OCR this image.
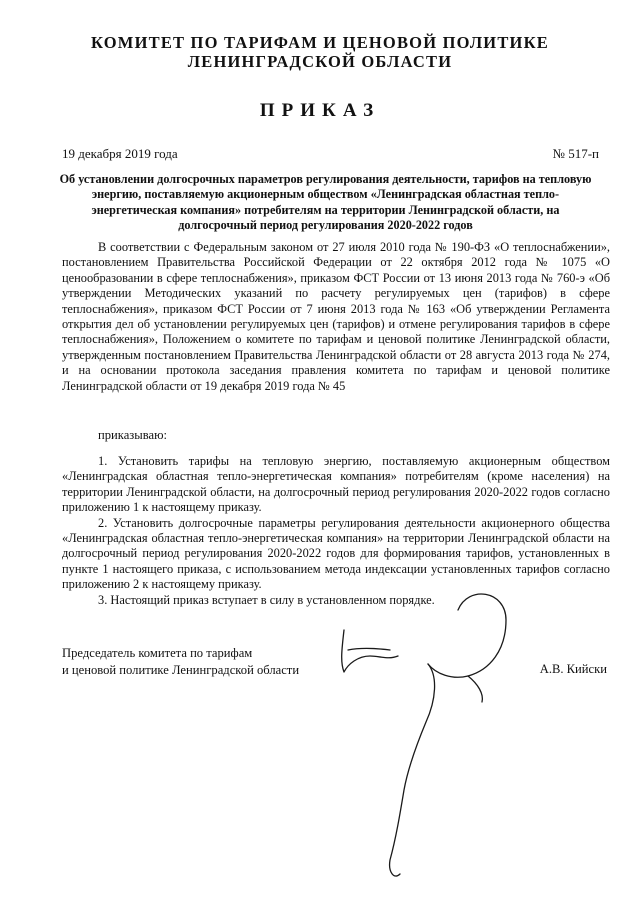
КОМИТЕТ ПО ТАРИФАМ И ЦЕНОВОЙ ПОЛИТИКЕ
ЛЕНИНГРАДСКОЙ ОБЛАСТИ
ПРИКАЗ
19 декабря 2019 года	№ 517-п
Об установлении долгосрочных параметров регулирования деятельности, тарифов на тепловую энергию, поставляемую акционерным обществом «Ленинградская областная тепло-энергетическая компания» потребителям на территории Ленинградской области, на долгосрочный период регулирования 2020-2022 годов

В соответствии с Федеральным законом от 27 июля 2010 года № 190-ФЗ «О теплоснабжении», постановлением Правительства Российской Федерации от 22 октября 2012 года № 1075 «О ценообразовании в сфере теплоснабжения», приказом ФСТ России от 13 июня 2013 года № 760-э «Об утверждении Методических указаний по расчету регулируемых цен (тарифов) в сфере теплоснабжения», приказом ФСТ России от 7 июня 2013 года № 163 «Об утверждении Регламента открытия дел об установлении регулируемых цен (тарифов) и отмене регулирования тарифов в сфере теплоснабжения», Положением о комитете по тарифам и ценовой политике Ленинградской области, утвержденным постановлением Правительства Ленинградской области от 28 августа 2013 года № 274, и на основании протокола заседания правления комитета по тарифам и ценовой политике Ленинградской области от 19 декабря 2019 года № 45

приказываю:

1. Установить тарифы на тепловую энергию, поставляемую акционерным обществом «Ленинградская областная тепло-энергетическая компания» потребителям (кроме населения) на территории Ленинградской области, на долгосрочный период регулирования 2020-2022 годов согласно приложению 1 к настоящему приказу.

2. Установить долгосрочные параметры регулирования деятельности акционерного общества «Ленинградская областная тепло-энергетическая компания» на территории Ленинградской области на долгосрочный период регулирования 2020-2022 годов для формирования тарифов, установленных в пункте 1 настоящего приказа, с использованием метода индексации установленных тарифов согласно приложению 2 к настоящему приказу.

3. Настоящий приказ вступает в силу в установленном порядке.

Председатель комитета по тарифам
и ценовой политике Ленинградской области	А.В. Кийски
